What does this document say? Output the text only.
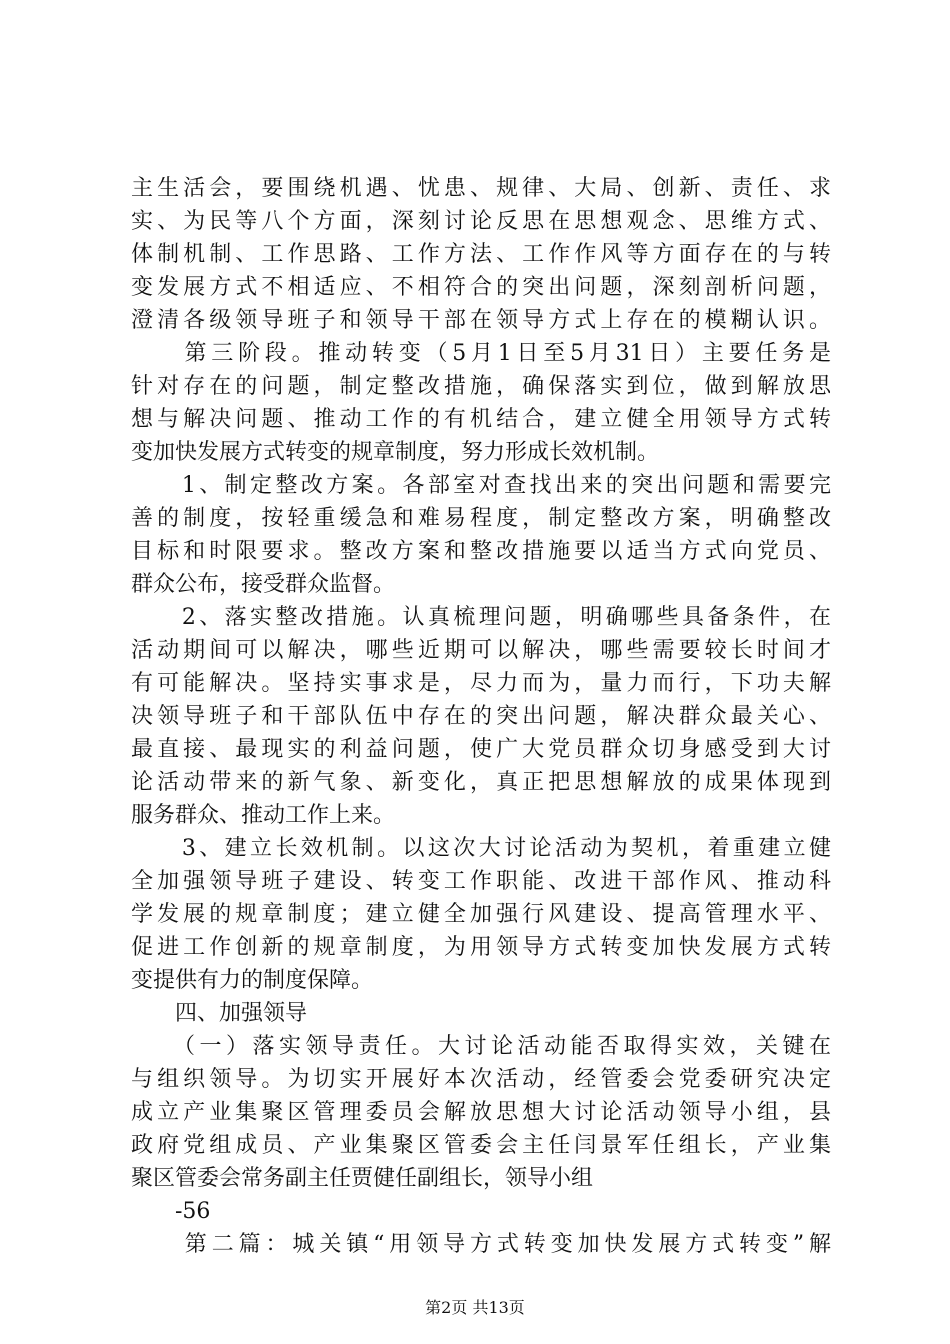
主生活会，要围绕机遇、忧患、规律、大局、创新、责任、求
实、为民等八个方面，深刻讨论反思在思想观念、思维方式、
体制机制、工作思路、工作方法、工作作风等方面存在的与转
变发展方式不相适应、不相符合的突出问题，深刻剖析问题，
澄清各级领导班子和领导干部在领导方式上存在的模糊认识。
　　第三阶段。推动转变（5月1日至5月31日）主要任务是
针对存在的问题，制定整改措施，确保落实到位，做到解放思
想与解决问题、推动工作的有机结合，建立健全用领导方式转
变加快发展方式转变的规章制度，努力形成长效机制。
　　1、制定整改方案。各部室对查找出来的突出问题和需要完
善的制度，按轻重缓急和难易程度，制定整改方案，明确整改
目标和时限要求。整改方案和整改措施要以适当方式向党员、
群众公布，接受群众监督。
　　2、落实整改措施。认真梳理问题，明确哪些具备条件，在
活动期间可以解决，哪些近期可以解决，哪些需要较长时间才
有可能解决。坚持实事求是，尽力而为，量力而行，下功夫解
决领导班子和干部队伍中存在的突出问题，解决群众最关心、
最直接、最现实的利益问题，使广大党员群众切身感受到大讨
论活动带来的新气象、新变化，真正把思想解放的成果体现到
服务群众、推动工作上来。
　　3、建立长效机制。以这次大讨论活动为契机，着重建立健
全加强领导班子建设、转变工作职能、改进干部作风、推动科
学发展的规章制度；建立健全加强行风建设、提高管理水平、
促进工作创新的规章制度，为用领导方式转变加快发展方式转
变提供有力的制度保障。
　　四、加强领导
　　（一）落实领导责任。大讨论活动能否取得实效，关键在
与组织领导。为切实开展好本次活动，经管委会党委研究决定
成立产业集聚区管理委员会解放思想大讨论活动领导小组，县
政府党组成员、产业集聚区管委会主任闫景军任组长，产业集
聚区管委会常务副主任贾健任副组长，领导小组
　　-56
　　第二篇：城关镇“用领导方式转变加快发展方式转变”解
第2页 共13页
